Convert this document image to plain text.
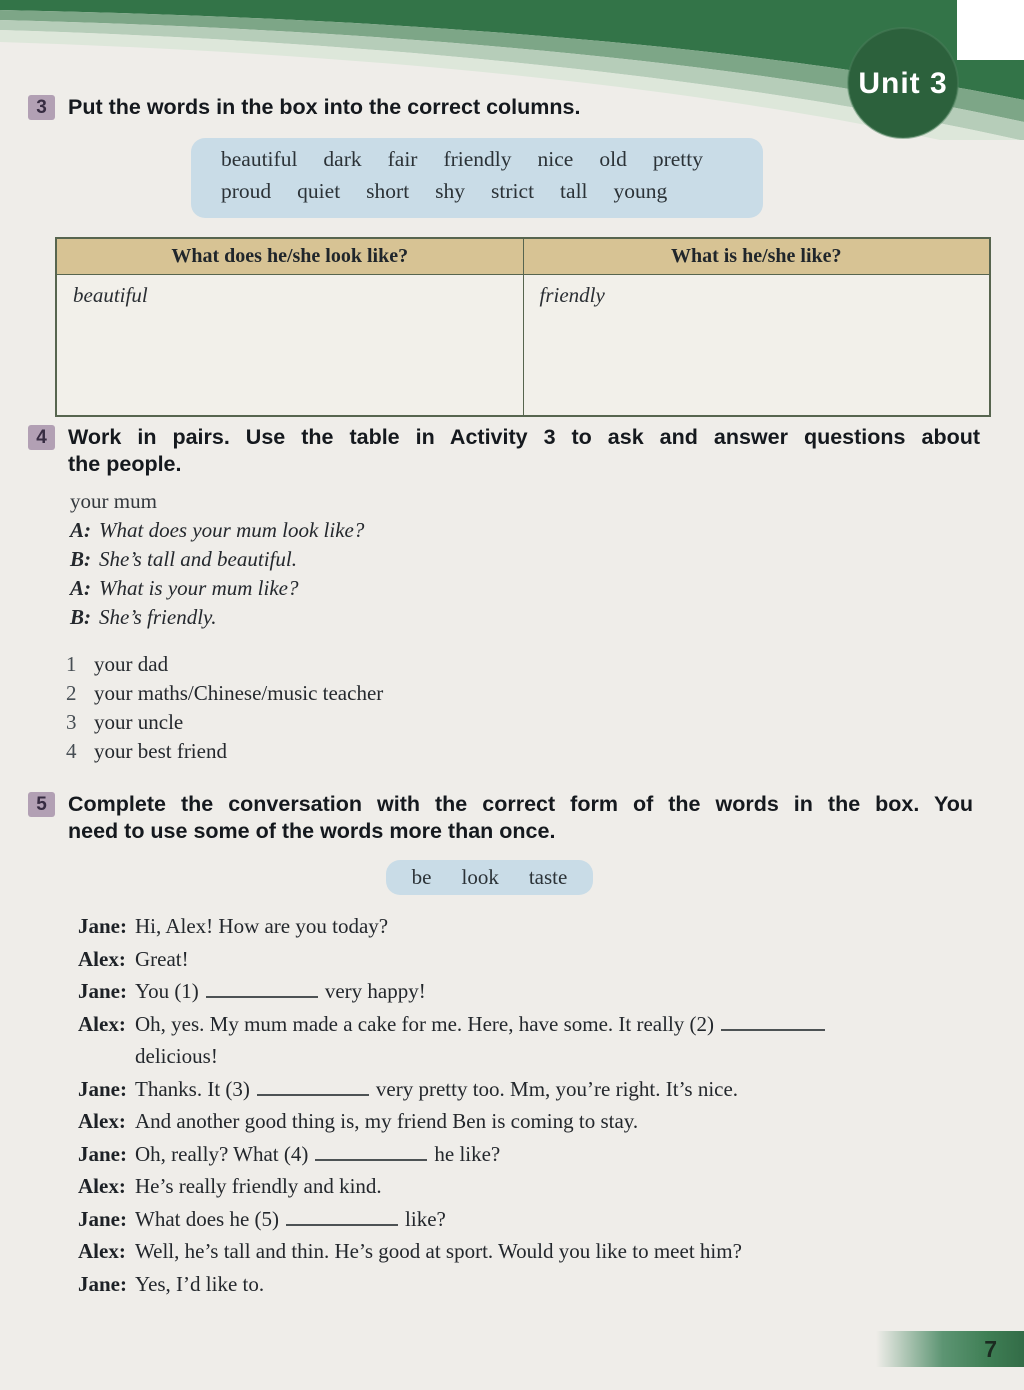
Unit 3
3 Put the words in the box into the correct columns.
beautiful dark fair friendly nice old pretty
proud quiet short shy strict tall young
What does he/she look like?	What is he/she like?
beautiful	friendly
4 Work in pairs. Use the table in Activity 3 to ask and answer questions about
the people.
your mum
A: What does your mum look like?
B: She’s tall and beautiful.
A: What is your mum like?
B: She’s friendly.
1 your dad
2 your maths/Chinese/music teacher
3 your uncle
4 your best friend
5 Complete the conversation with the correct form of the words in the box. You
need to use some of the words more than once.
be look taste
Jane: Hi, Alex! How are you today?
Alex: Great!
Jane: You (1)	very happy!
Alex: Oh, yes. My mum made a cake for me. Here, have some. It really (2)
delicious!
Jane: Thanks. It (3)	very pretty too. Mm, you’re right. It’s nice.
Alex: And another good thing is, my friend Ben is coming to stay.
Jane: Oh, really? What (4)	he like?
Alex: He’s really friendly and kind.
Jane: What does he (5)	like?
Alex: Well, he’s tall and thin. He’s good at sport. Would you like to meet him?
Jane: Yes, I’d like to.
7
